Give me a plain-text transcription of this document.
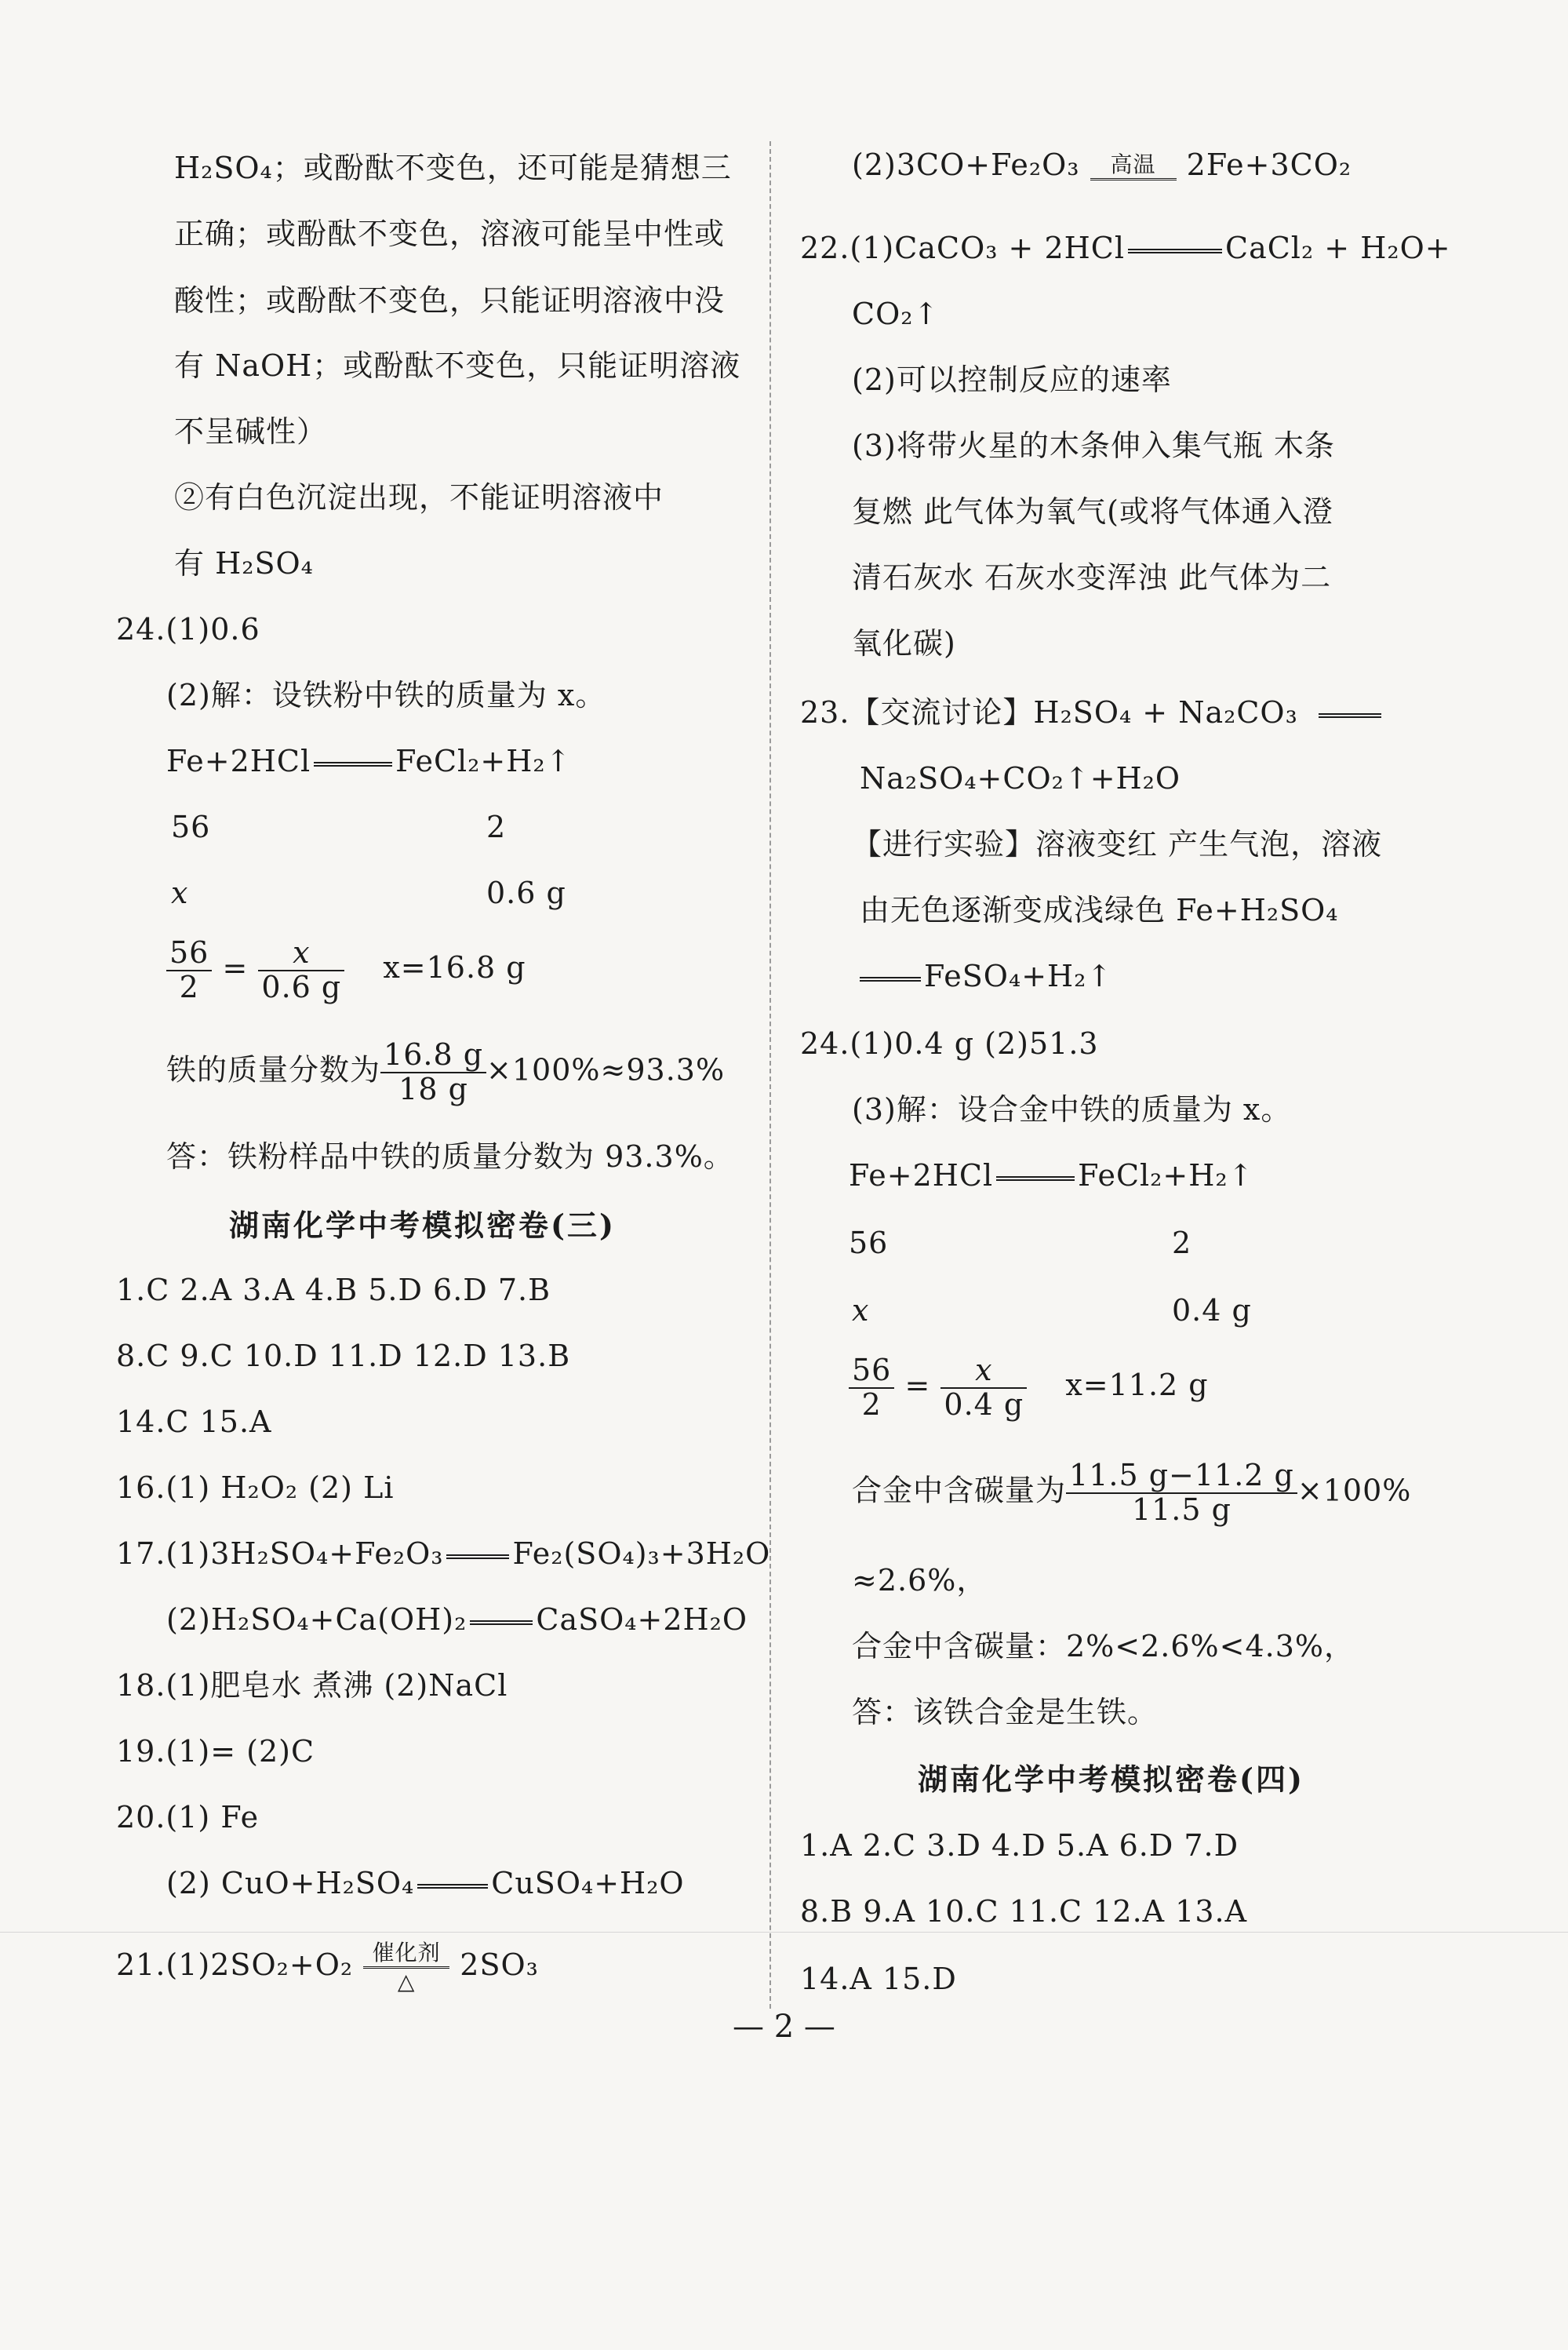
H₂SO₄；或酚酞不变色，还可能是猜想三
正确；或酚酞不变色，溶液可能呈中性或
酸性；或酚酞不变色，只能证明溶液中没
有 NaOH；或酚酞不变色，只能证明溶液
不呈碱性）
②有白色沉淀出现，不能证明溶液中
有 H₂SO₄
24.(1)0.6
(2)解：设铁粉中铁的质量为 x。
Fe+2HCl	FeCl₂+H₂↑
56	2
x	0.6 g
$\frac{56}{2} = \frac{x}{0.6 g} x=16.8$ g
铁的质量分数为 $\frac{16.8 g}{18 g} \times 100\%\approx 93.3\%$
答：铁粉样品中铁的质量分数为 93.3%。
湖南化学中考模拟密卷(三)
1.C 2.A 3.A 4.B 5.D 6.D 7.B
8.C 9.C 10.D 11.D 12.D 13.B
14.C 15.A
16.(1) H₂O₂ (2) Li
17.(1)3H₂SO₄+Fe₂O₃ Fe₂(SO₄)₃+3H₂O
(2)H₂SO₄+Ca(OH)₂ CaSO₄+2H₂O
18.(1)肥皂水 煮沸 (2)NaCl
19.(1)= (2)C
20.(1) Fe
(2) CuO+H₂SO₄	CuSO₄+H₂O
21.(1)2SO₂+O₂ 催化剂
△	2SO₃
(2)3CO+Fe₂O₃	高温	2Fe+3CO₂
22.(1)CaCO₃ + 2HCl	CaCl₂ + H₂O+
CO₂↑
(2)可以控制反应的速率
(3)将带火星的木条伸入集气瓶 木条
复燃 此气体为氧气(或将气体通入澄
清石灰水 石灰水变浑浊 此气体为二
氧化碳)
23.【交流讨论】H₂SO₄ + Na₂CO₃
Na₂SO₄+CO₂↑+H₂O
【进行实验】溶液变红 产生气泡，溶液
由无色逐渐变成浅绿色 Fe+H₂SO₄
FeSO₄+H₂↑
24.(1)0.4 g (2)51.3
(3)解：设合金中铁的质量为 x。
Fe+2HCl	FeCl₂+H₂↑
56	2
x	0.4 g
$\frac{56}{2} = \frac{x}{0.4 g} x=11.2$ g
合金中含碳量为 $\frac{11.5 g-11.2 g}{11.5 g} \times 100\%$
≈2.6%，
合金中含碳量：2%<2.6%<4.3%，
答：该铁合金是生铁。
湖南化学中考模拟密卷(四)
1.A 2.C 3.D 4.D 5.A 6.D 7.D
8.B 9.A 10.C 11.C 12.A 13.A
14.A 15.D
— 2 —
